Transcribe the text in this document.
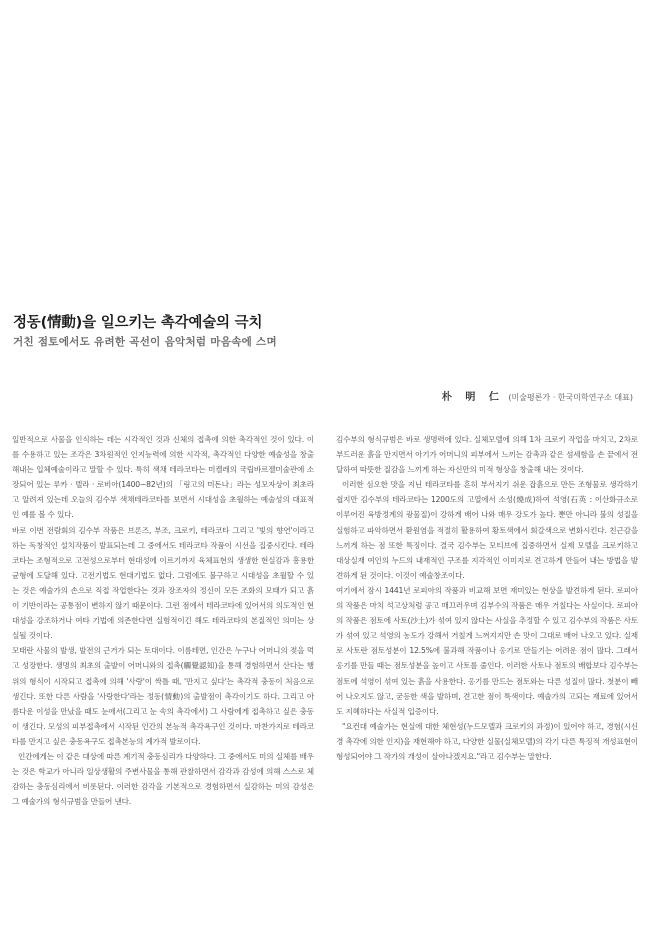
정동(情動)을 일으키는 촉각예술의 극치
거친 점토에서도 유려한 곡선이 음악처럼 마음속에 스며
朴 明 仁 (미술평론가 · 한국미학연구소 대표)

일반적으로 사물을 인식하는 데는 시각적인 것과 신체의 접촉에 의한 촉각적인 것이 있다. 이를 수용하고 있는 조각은 3차원적인 인지능력에 의한 시각적, 촉각적인 다양한 예술성을 창출해내는 입체예술이라고 말할 수 있다. 특히 색채 테라코타는 미켈레의 국립바르젤미술관에 소장되어 있는 루카 · 델라 · 로비아(1400~82년)의 「링고의 미돈나」라는 성모자상이 최초라고 알려져 있는데 오늘의 김수부 색채테라코타를 보면서 시대성을 초월하는 예술성의 대표적인 예를 볼 수 있다.

바로 이번 전람회의 김수부 작품은 브론즈, 부조, 크로키, 테라코타 그리고 '빛의 향연'이라고 하는 독창적인 설치작품이 발표되는데 그 중에서도 테라코타 작품이 시선을 집중시킨다. 테라코타는 조형적으로 고전성으로부터 현대성에 이르기까지 육체표현의 생생한 현실감과 흥용한 균형에 도달해 있다. 고전기법도 현대기법도 없다. 그럼에도 불구하고 시대성을 초월할 수 있는 것은 예술가의 손으로 직접 작업한다는 것과 장조자의 정신이 모든 조화의 모태가 되고 흙이 기반이라는 공통점이 변하지 않기 때문이다. 그런 점에서 테라코타에 있어서의 의도적인 현대성을 강조하거나 여타 기법에 의존한다면 실험적이긴 해도 테라코타의 본질적인 의미는 상실될 것이다.

모태란 사물의 발생, 발전의 근거가 되는 토대이다. 이름테면, 인간은 누구나 어머니의 젖을 먹고 성장한다. 생명의 최초의 출발이 어머니와의 접촉(觸覺認知)을 통해 경험하면서 산다는 행위의 형식이 시작되고 접촉에 의해 '사랑'이 싹틀 때, '만지고 싶다'는 촉각적 충동이 처음으로 생긴다. 또한 다른 사람을 '사랑한다'라는 정동(情動)의 출발점이 촉각이기도 하다. 그리고 아름다운 이성을 만났을 때도 눈에서(그리고 눈 속의 촉각에서) 그 사람에게 접촉하고 싶은 충동이 생긴다. 모성의 피부접촉에서 시작된 인간의 본능적 촉각욕구인 것이다. 마찬가지로 테라코타를 만지고 싶은 충동욕구도 접촉본능의 계가적 발로이다.

인간에게는 이 같은 대상에 따른 계기적 충동심리가 다양하다. 그 중에서도 미의 실체를 배우는 것은 학교가 아니라 일상생활의 주변사물을 통해 관찰하면서 감각과 감성에 의해 스스로 체감하는 충동심리에서 비롯된다. 이러한 감각을 기본적으로 경험하면서 실감하는 미의 감성은 그 예술가의 형식규범을 만들어 낸다.

김수부의 형식규범은 바로 생명력에 있다. 실체모델에 의해 1차 크로키 작업을 마치고, 2차로 부드러운 흙을 만지면서 아기가 어머니의 피부에서 느끼는 감촉과 같은 섬세함을 손 끝에서 전달하여 따뜻한 질감을 느끼게 하는 자신만의 미적 형상을 창출해 내는 것이다.

이러한 심오한 맛을 지닌 테라코타를 흔히 부서지기 쉬운 잡흙으로 만든 조형물로 생각하기 쉽지만 김수부의 테라코타는 1200도의 고열에서 소성(燒成)하여 석영(石英 : 이산화규소로 이루어진 육방정계의 광물질)이 강하게 배어 나와 매우 강도가 높다. 뿐만 아니라 불의 성질을 실험하고 파악하면서 환원염을 적절히 활용하여 황토색에서 회갈색으로 변화시킨다. 친근감을 느끼게 하는 점 또한 특징이다. 결국 김수부는 모티브에 집중하면서 실제 모델을 크로키하고 대상실재 여인의 누드의 내재적인 구조를 지각적인 이미지로 견고하게 만들어 내는 방법을 발견하게 된 것이다. 이것이 예술창조이다.

여기에서 잠시 1441년 로피아의 작품과 비교해 보면 재미있는 현상을 발견하게 된다. 로피아의 작품은 마치 석고상처럼 공고 매끄러우며 김부수의 작품은 매우 거칠다는 사실이다. 로피아의 작품은 점토에 사토(沙土)가 섞여 있지 않다는 사실을 추정할 수 있고 김수부의 작품은 사토가 섞여 있고 석영의 농도가 강해서 거칠게 느껴지지만 손 맛이 그대로 배어 나오고 있다. 실제로 사토란 점토성분이 12.5%에 불과해 작품이나 옹기로 만들기는 어려운 점이 많다. 그래서 옹기를 만들 때는 점토성분을 높이고 사토를 줄인다. 이러한 사토나 점토의 배합보다 김수부는 점토에 석영이 섞여 있는 흙을 사용한다. 옹기를 만드는 점토와는 다른 성질이 많다. 첫분이 빼어 나오지도 않고, 굳등한 색을 발하며, 견고한 점이 특색이다. 예술가의 고되는 재료에 있어서도 지혜하다는 사실적 입증이다.

"요컨대 예술가는 현실에 대한 체현성(누드모델과 크로키의 과정)이 있어야 하고, 경험(시신경 촉각에 의한 인지)을 재현해야 하고, 다양한 실물(실체모델)의 각기 다른 특징적 개성표현이 형성되어야 그 작가의 개성이 살아나겠지요."라고 김수부는 말한다.
